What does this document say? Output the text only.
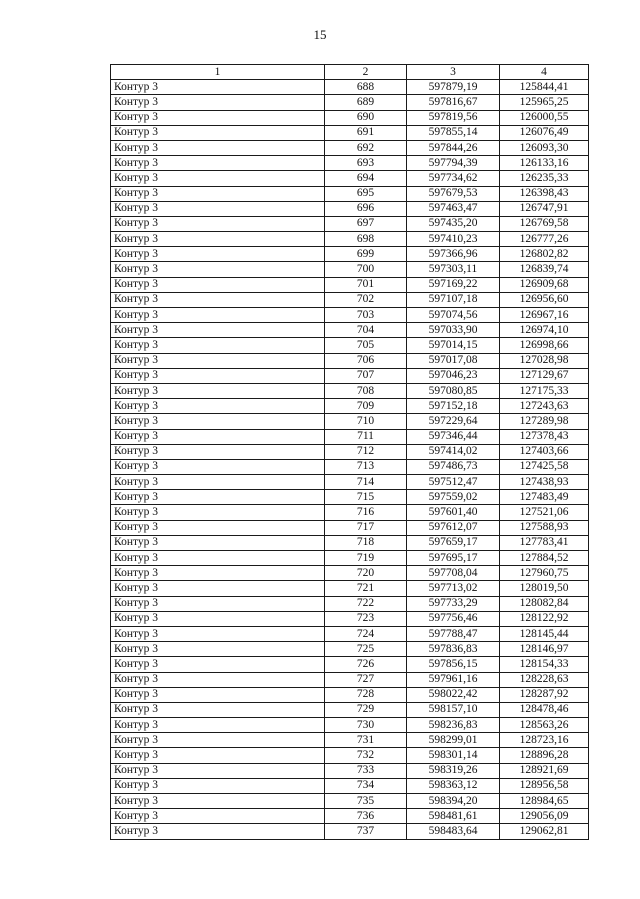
15
1	2	3	4
Контур 3	688	597879,19	125844,41
Контур 3	689	597816,67	125965,25
Контур 3	690	597819,56	126000,55
Контур 3	691	597855,14	126076,49
Контур 3	692	597844,26	126093,30
Контур 3	693	597794,39	126133,16
Контур 3	694	597734,62	126235,33
Контур 3	695	597679,53	126398,43
Контур 3	696	597463,47	126747,91
Контур 3	697	597435,20	126769,58
Контур 3	698	597410,23	126777,26
Контур 3	699	597366,96	126802,82
Контур 3	700	597303,11	126839,74
Контур 3	701	597169,22	126909,68
Контур 3	702	597107,18	126956,60
Контур 3	703	597074,56	126967,16
Контур 3	704	597033,90	126974,10
Контур 3	705	597014,15	126998,66
Контур 3	706	597017,08	127028,98
Контур 3	707	597046,23	127129,67
Контур 3	708	597080,85	127175,33
Контур 3	709	597152,18	127243,63
Контур 3	710	597229,64	127289,98
Контур 3	711	597346,44	127378,43
Контур 3	712	597414,02	127403,66
Контур 3	713	597486,73	127425,58
Контур 3	714	597512,47	127438,93
Контур 3	715	597559,02	127483,49
Контур 3	716	597601,40	127521,06
Контур 3	717	597612,07	127588,93
Контур 3	718	597659,17	127783,41
Контур 3	719	597695,17	127884,52
Контур 3	720	597708,04	127960,75
Контур 3	721	597713,02	128019,50
Контур 3	722	597733,29	128082,84
Контур 3	723	597756,46	128122,92
Контур 3	724	597788,47	128145,44
Контур 3	725	597836,83	128146,97
Контур 3	726	597856,15	128154,33
Контур 3	727	597961,16	128228,63
Контур 3	728	598022,42	128287,92
Контур 3	729	598157,10	128478,46
Контур 3	730	598236,83	128563,26
Контур 3	731	598299,01	128723,16
Контур 3	732	598301,14	128896,28
Контур 3	733	598319,26	128921,69
Контур 3	734	598363,12	128956,58
Контур 3	735	598394,20	128984,65
Контур 3	736	598481,61	129056,09
Контур 3	737	598483,64	129062,81
